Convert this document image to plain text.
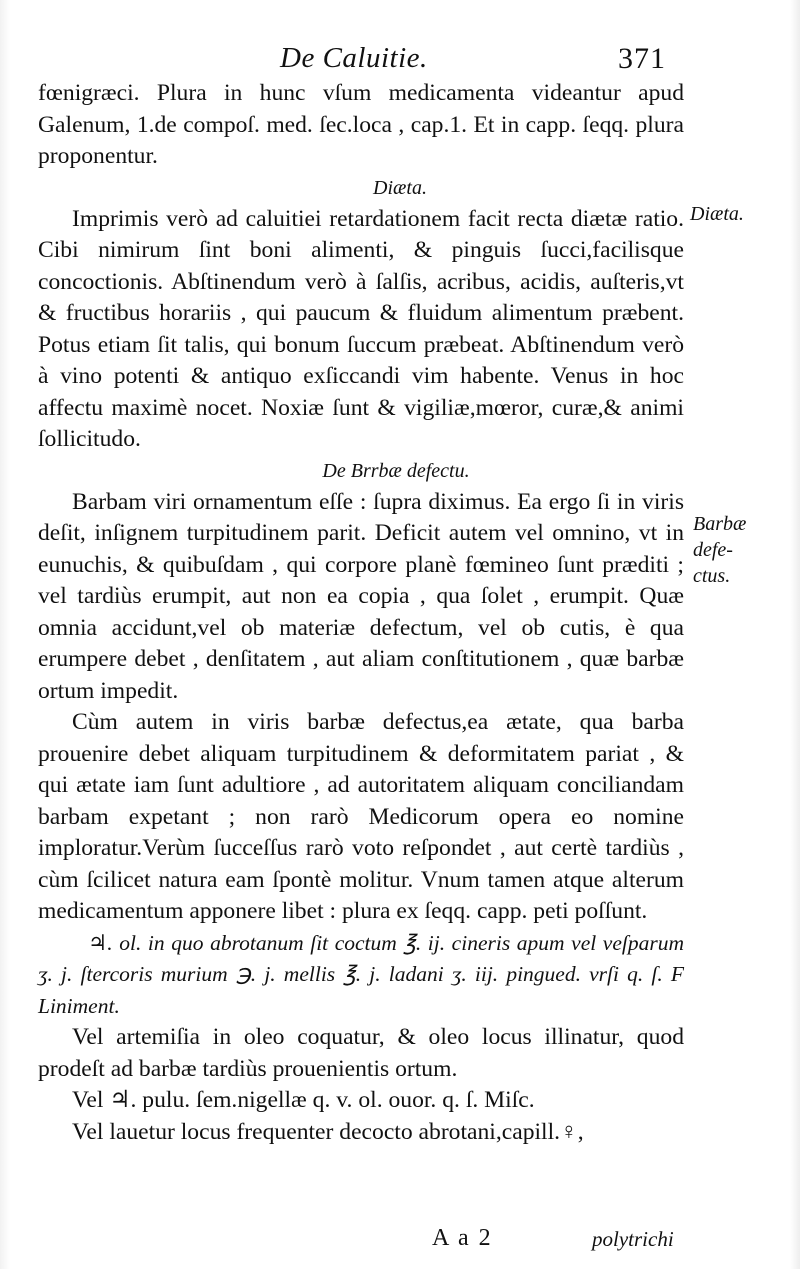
De Caluitie.	371

fœnigræci. Plura in hunc vſum medicamenta videantur apud Galenum, 1.de compoſ. med. ſec.loca , cap.1. Et in capp. ſeqq. plura proponentur.

Diæta.

Imprimis verò ad caluitiei retardationem facit recta diætæ ratio. Cibi nimirum ſint boni alimenti, & pinguis ſucci,facilisque concoctionis. Abſtinendum verò à ſalſis, acribus, acidis, auſteris,vt & fructibus horariis , qui paucum & fluidum alimentum præbent. Potus etiam ſit talis, qui bonum ſuccum præbeat. Abſtinendum verò à vino potenti & antiquo exſiccandi vim habente. Venus in hoc affectu maximè nocet. Noxiæ ſunt & vigiliæ,mœror, curæ,& animi ſollicitudo.

De Brrbæ defectu.

Barbam viri ornamentum eſſe : ſupra diximus. Ea ergo ſi in viris deſit, inſignem turpitudinem parit. Deficit autem vel omnino, vt in eunuchis, & quibuſdam , qui corpore planè fœmineo ſunt præditi ; vel tardiùs erumpit, aut non ea copia , qua ſolet , erumpit. Quæ omnia accidunt,vel ob materiæ defectum, vel ob cutis, è qua erumpere debet , denſitatem , aut aliam conſtitutionem , quæ barbæ ortum impedit.

Cùm autem in viris barbæ defectus,ea ætate, qua barba prouenire debet aliquam turpitudinem & deformitatem pariat , & qui ætate iam ſunt adultiore , ad autoritatem aliquam conciliandam barbam expetant ; non rarò Medicorum opera eo nomine imploratur.Verùm ſucceſſus rarò voto reſpondet , aut certè tardiùs , cùm ſcilicet natura eam ſpontè molitur. Vnum tamen atque alterum medicamentum apponere libet : plura ex ſeqq. capp. peti poſſunt.

♃. ol. in quo abrotanum ſit coctum ℥. ij. cineris apum vel veſparum ʒ. j. ſtercoris murium ℈. j. mellis ℥. j. ladani ʒ. iij. pingued. vrſi q. ſ. F Liniment.

Vel artemiſia in oleo coquatur, & oleo locus illinatur, quod prodeſt ad barbæ tardiùs prouenientis ortum.

Vel ♃. pulu. ſem.nigellæ q. v. ol. ouor. q. ſ. Miſc.

Vel lauetur locus frequenter decocto abrotani,capill.♀,

Diæta.
Barbæ
defe-
ctus.
A a 2	polytrichi
